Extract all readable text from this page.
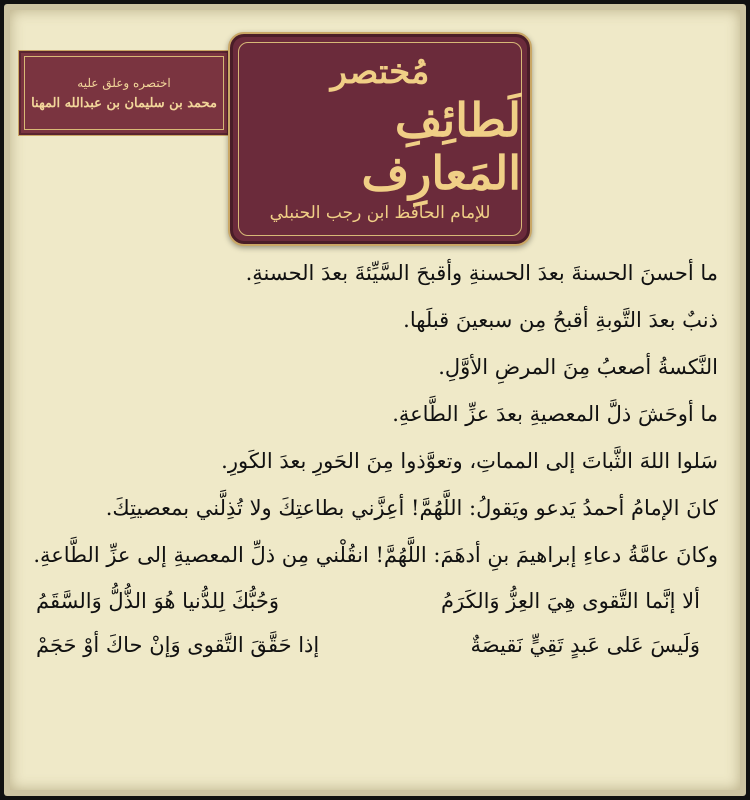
اختصره وعلق عليه
محمد بن سليمان بن عبدالله المهنا
مُختصر
لَطائِفِ المَعارِف
للإمام الحافظ ابن رجب الحنبلي

ما أحسنَ الحسنةَ بعدَ الحسنةِ وأقبحَ السَّيِّئةَ بعدَ الحسنةِ.

ذنبٌ بعدَ التَّوبةِ أقبحُ مِن سبعينَ قبلَها.

النَّكسةُ أصعبُ مِنَ المرضِ الأوَّلِ.

ما أوحَشَ ذلَّ المعصيةِ بعدَ عزِّ الطَّاعةِ.

سَلوا اللهَ الثَّباتَ إلى المماتِ، وتعوَّذوا مِنَ الحَورِ بعدَ الكَورِ.

كانَ الإمامُ أحمدُ يَدعو ويَقولُ: اللَّهُمَّ! أعِزَّني بطاعتِكَ ولا تُذِلَّني بمعصيتِكَ.

وكانَ عامَّةُ دعاءِ إبراهيمَ بنِ أدهَمَ: اللَّهُمَّ! انقُلْني مِن ذلِّ المعصيةِ إلى عزِّ الطَّاعةِ.

ألا إنَّما التَّقوى هِيَ العِزُّ وَالكَرَمُ
وَحُبُّكَ لِلدُّنيا هُوَ الذُّلُّ وَالسَّقَمُ
وَلَيسَ عَلى عَبدٍ تَقِيٍّ نَقيصَةٌ
إذا حَقَّقَ التَّقوى وَإنْ حاكَ أوْ حَجَمْ
